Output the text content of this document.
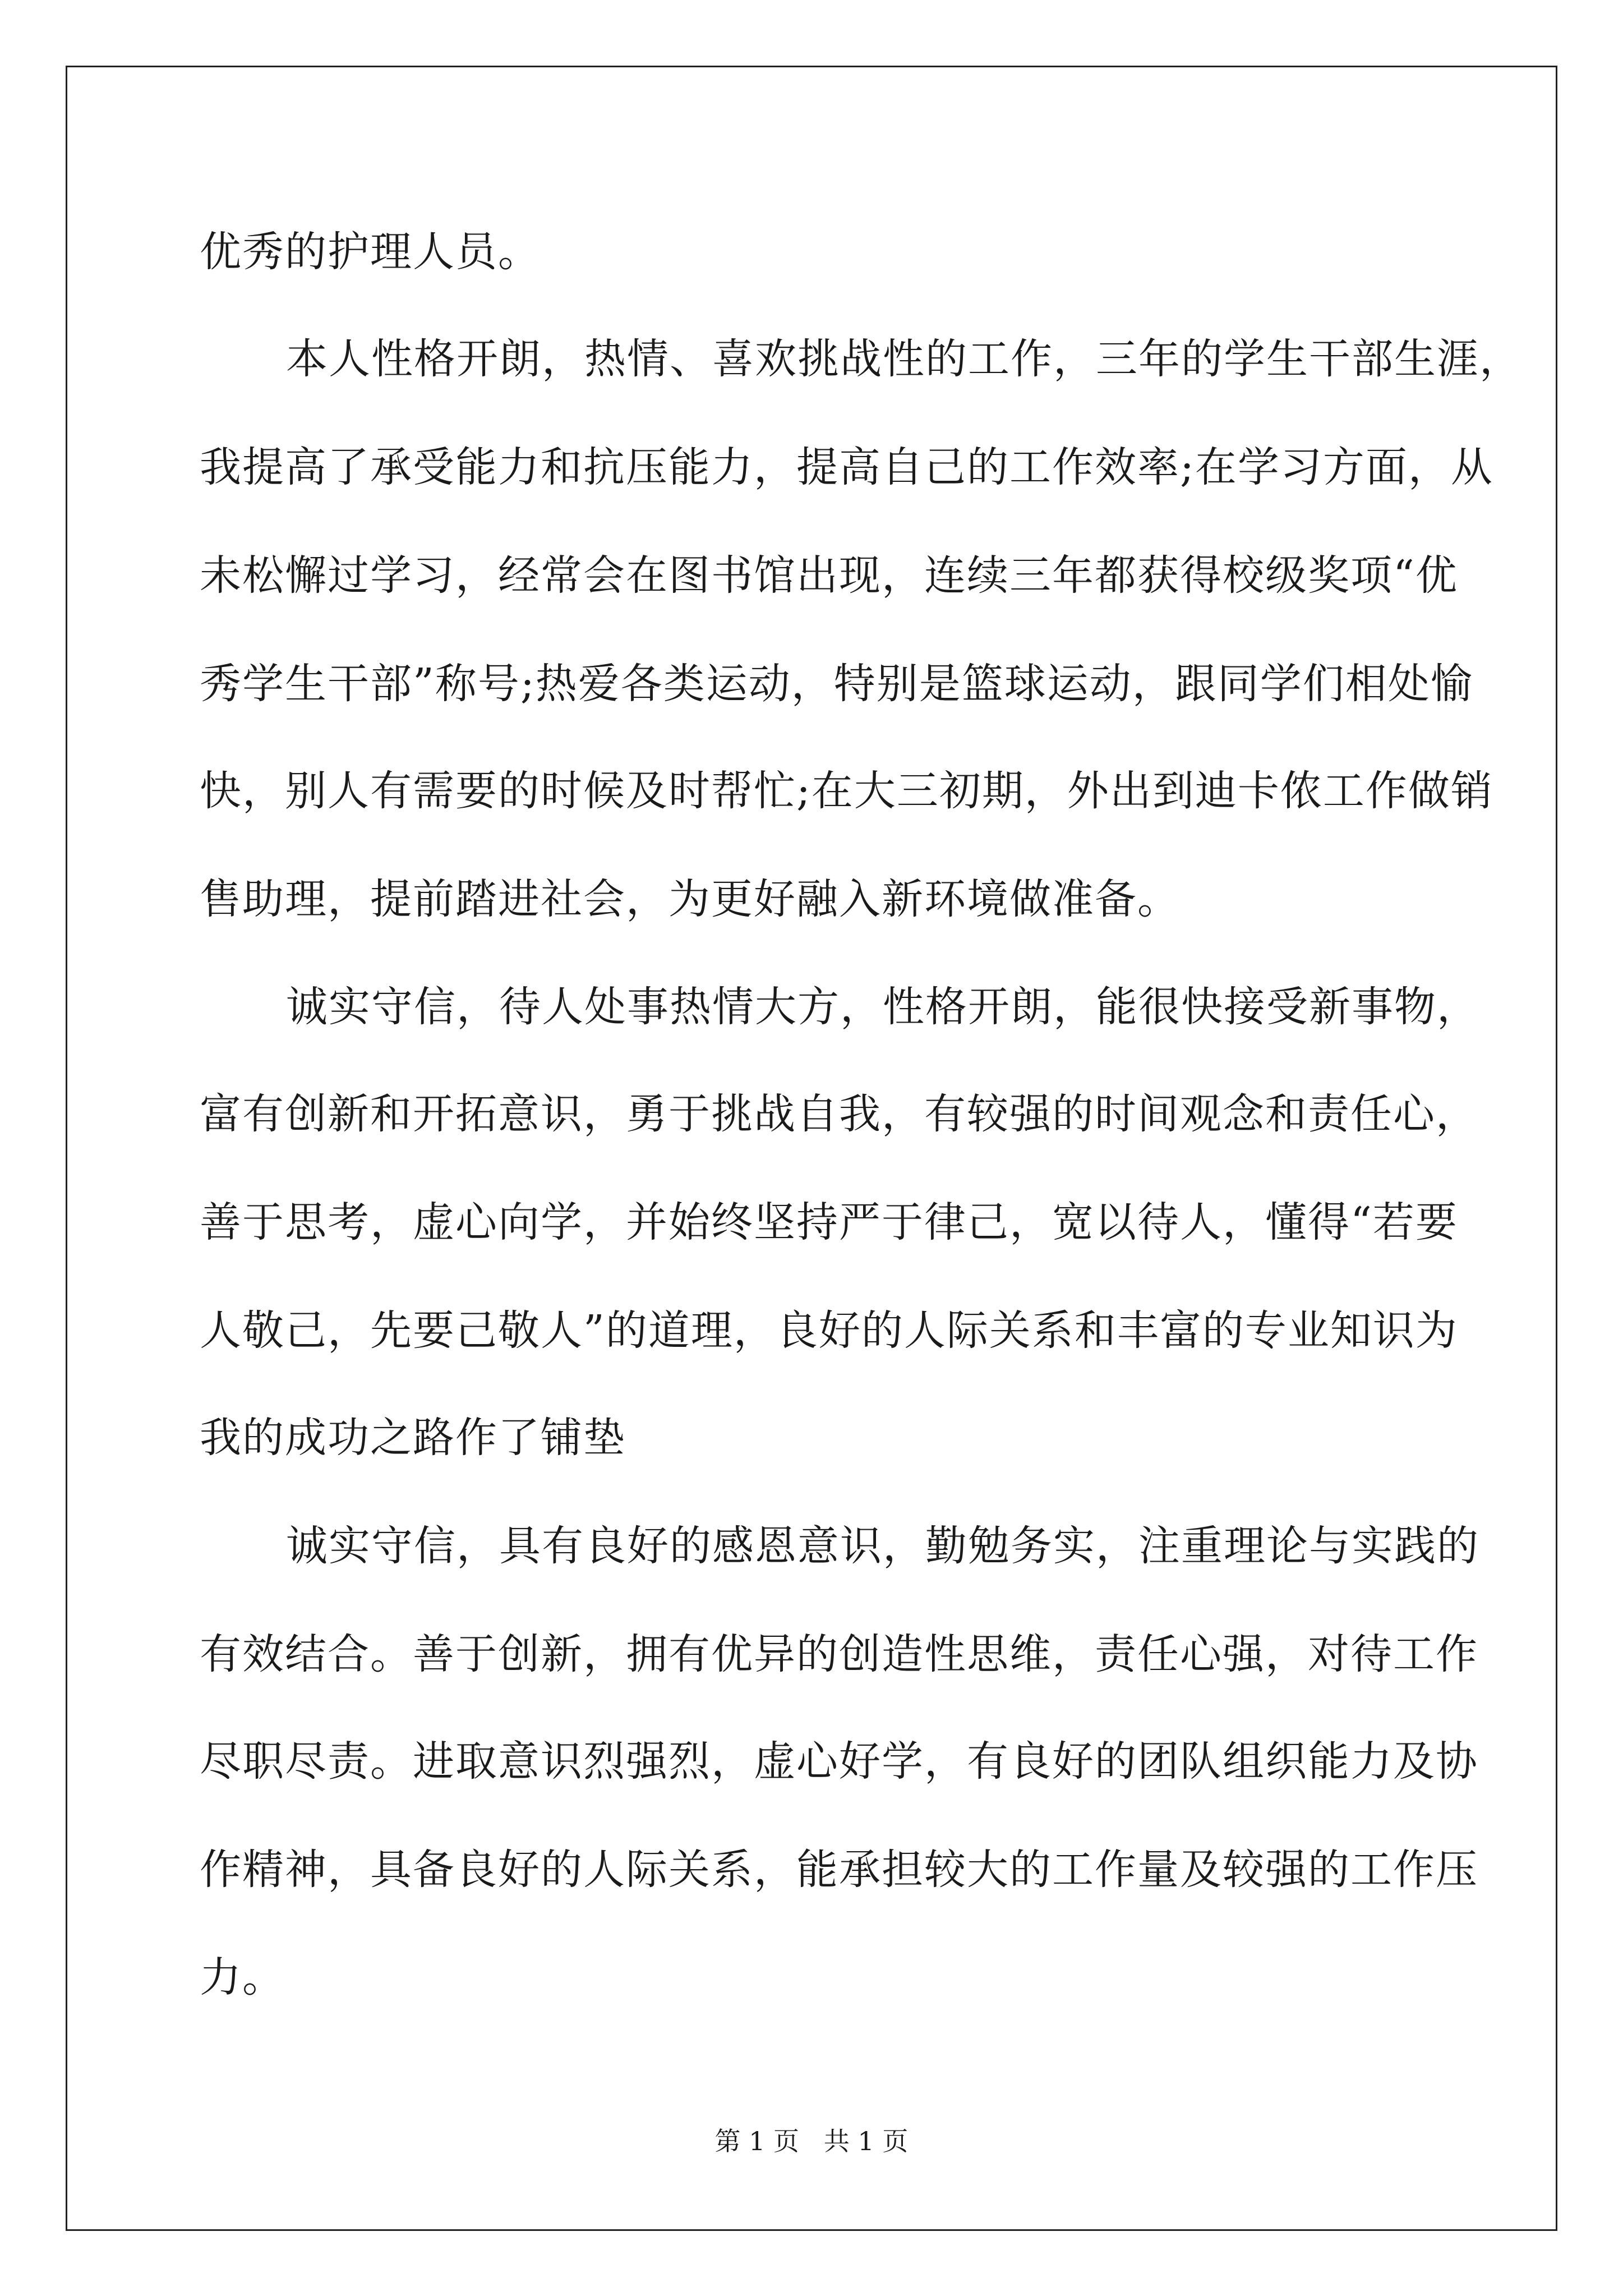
优秀的护理人员。
本人性格开朗，热情、喜欢挑战性的工作，三年的学生干部生涯，
我提高了承受能力和抗压能力，提高自己的工作效率;在学习方面，从
未松懈过学习，经常会在图书馆出现，连续三年都获得校级奖项“优
秀学生干部”称号;热爱各类运动，特别是篮球运动，跟同学们相处愉
快，别人有需要的时候及时帮忙;在大三初期，外出到迪卡侬工作做销
售助理，提前踏进社会，为更好融入新环境做准备。
诚实守信，待人处事热情大方，性格开朗，能很快接受新事物，
富有创新和开拓意识，勇于挑战自我，有较强的时间观念和责任心，
善于思考，虚心向学，并始终坚持严于律己，宽以待人，懂得“若要
人敬己，先要己敬人”的道理，良好的人际关系和丰富的专业知识为
我的成功之路作了铺垫
诚实守信，具有良好的感恩意识，勤勉务实，注重理论与实践的
有效结合。善于创新，拥有优异的创造性思维，责任心强，对待工作
尽职尽责。进取意识烈强烈，虚心好学，有良好的团队组织能力及协
作精神，具备良好的人际关系，能承担较大的工作量及较强的工作压
力。
第 1 页   共 1 页
